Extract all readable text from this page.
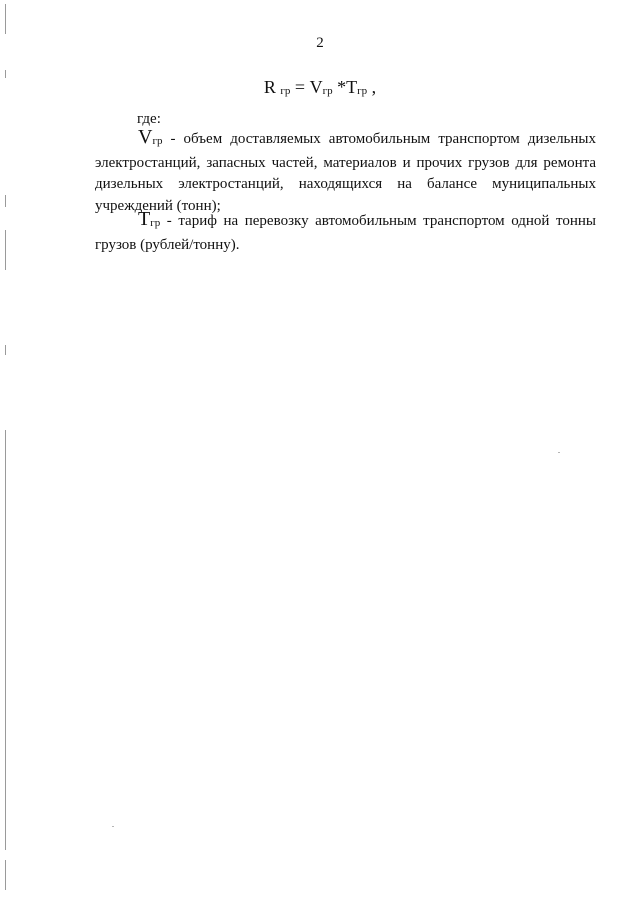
2
R гр = Vгр *Tгр ,
где:
Vгр - объем доставляемых автомобильным транспортом дизельных электростанций, запасных частей, материалов и прочих грузов для ремонта дизельных электростанций, находящихся на балансе муниципальных учреждений (тонн);
Tгр - тариф на перевозку автомобильным транспортом одной тонны грузов (рублей/тонну).
